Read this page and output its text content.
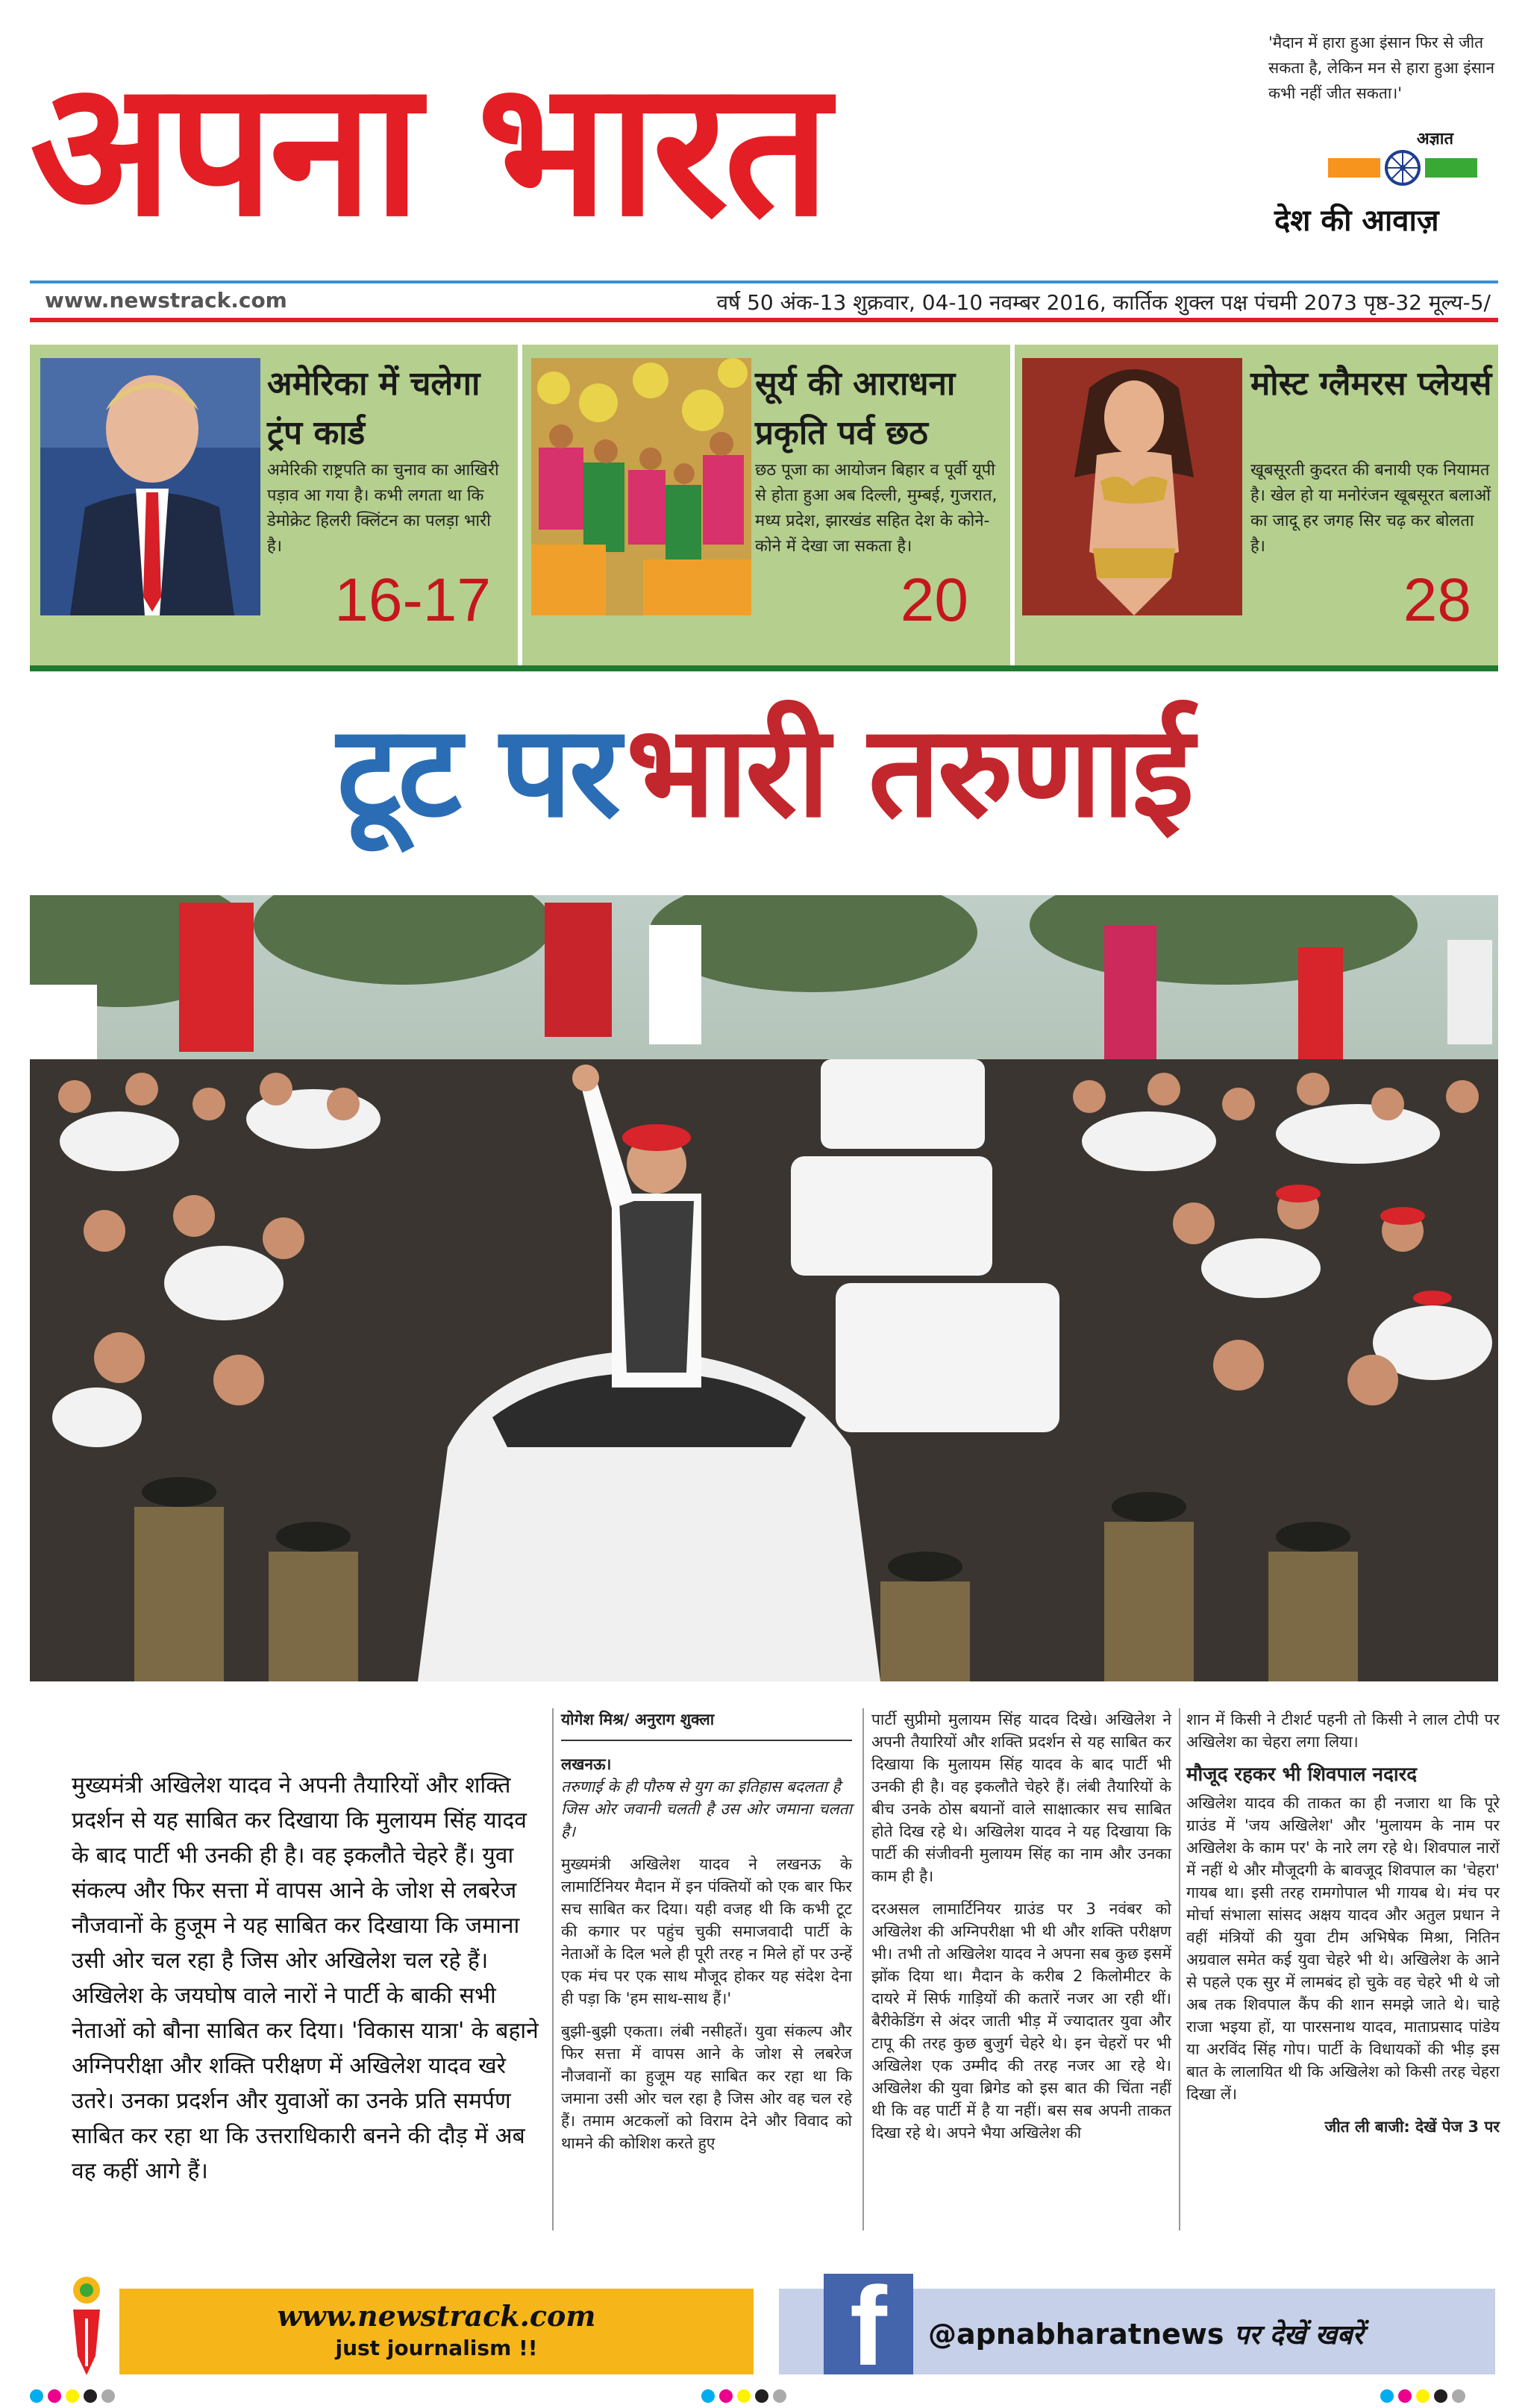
अपना भारत	'मैदान में हारा हुआ इंसान फिर से जीत सकता है, लेकिन मन से हारा हुआ इंसान कभी नहीं जीत सकता।'
अज्ञात
देश की आवाज़
www.newstrack.com	वर्ष 50 अंक-13 शुक्रवार, 04-10 नवम्बर 2016, कार्तिक शुक्ल पक्ष पंचमी 2073 पृष्ठ-32 मूल्य-5/
अमेरिका में चलेगा ट्रंप कार्ड
अमेरिकी राष्ट्रपति का चुनाव का आखिरी पड़ाव आ गया है। कभी लगता था कि डेमोक्रेट हिलरी क्लिंटन का पलड़ा भारी है।
16-17
सूर्य की आराधना प्रकृति पर्व छठ
छठ पूजा का आयोजन बिहार व पूर्वी यूपी से होता हुआ अब दिल्ली, मुम्बई, गुजरात, मध्य प्रदेश, झारखंड सहित देश के कोने-कोने में देखा जा सकता है।
20
मोस्ट ग्लैमरस प्लेयर्स
खूबसूरती कुदरत की बनायी एक नियामत है। खेल हो या मनोरंजन खूबसूरत बलाओं का जादू हर जगह सिर चढ़ कर बोलता है।
28
टूट पर भारी तरुणाई

मुख्यमंत्री अखिलेश यादव ने अपनी तैयारियों और शक्ति प्रदर्शन से यह साबित कर दिखाया कि मुलायम सिंह यादव के बाद पार्टी भी उनकी ही है। वह इकलौते चेहरे हैं। युवा संकल्प और फिर सत्ता में वापस आने के जोश से लबरेज नौजवानों के हुजूम ने यह साबित कर दिखाया कि जमाना उसी ओर चल रहा है जिस ओर अखिलेश चल रहे हैं। अखिलेश के जयघोष वाले नारों ने पार्टी के बाकी सभी नेताओं को बौना साबित कर दिया। 'विकास यात्रा' के बहाने अग्निपरीक्षा और शक्ति परीक्षण में अखिलेश यादव खरे उतरे। उनका प्रदर्शन और युवाओं का उनके प्रति समर्पण साबित कर रहा था कि उत्तराधिकारी बनने की दौड़ में अब वह कहीं आगे हैं।

योगेश मिश्र/ अनुराग शुक्ला
लखनऊ।
तरुणाई के ही पौरुष से युग का इतिहास बदलता है
जिस ओर जवानी चलती है उस ओर जमाना चलता है।

मुख्यमंत्री अखिलेश यादव ने लखनऊ के लामार्टिनियर मैदान में इन पंक्तियों को एक बार फिर सच साबित कर दिया। यही वजह थी कि कभी टूट की कगार पर पहुंच चुकी समाजवादी पार्टी के नेताओं के दिल भले ही पूरी तरह न मिले हों पर उन्हें एक मंच पर एक साथ मौजूद होकर यह संदेश देना ही पड़ा कि 'हम साथ-साथ हैं।'

बुझी-बुझी एकता। लंबी नसीहतें। युवा संकल्प और फिर सत्ता में वापस आने के जोश से लबरेज नौजवानों का हुजूम यह साबित कर रहा था कि जमाना उसी ओर चल रहा है जिस ओर वह चल रहे हैं। तमाम अटकलों को विराम देने और विवाद को थामने की कोशिश करते हुए

पार्टी सुप्रीमो मुलायम सिंह यादव दिखे। अखिलेश ने अपनी तैयारियों और शक्ति प्रदर्शन से यह साबित कर दिखाया कि मुलायम सिंह यादव के बाद पार्टी भी उनकी ही है। वह इकलौते चेहरे हैं। लंबी तैयारियों के बीच उनके ठोस बयानों वाले साक्षात्कार सच साबित होते दिख रहे थे। अखिलेश यादव ने यह दिखाया कि पार्टी की संजीवनी मुलायम सिंह का नाम और उनका काम ही है।

दरअसल लामार्टिनियर ग्राउंड पर 3 नवंबर को अखिलेश की अग्निपरीक्षा भी थी और शक्ति परीक्षण भी। तभी तो अखिलेश यादव ने अपना सब कुछ इसमें झोंक दिया था। मैदान के करीब 2 किलोमीटर के दायरे में सिर्फ गाड़ियों की कतारें नजर आ रही थीं। बैरीकेडिंग से अंदर जाती भीड़ में ज्यादातर युवा और टापू की तरह कुछ बुजुर्ग चेहरे थे। इन चेहरों पर भी अखिलेश एक उम्मीद की तरह नजर आ रहे थे। अखिलेश की युवा ब्रिगेड को इस बात की चिंता नहीं थी कि वह पार्टी में है या नहीं। बस सब अपनी ताकत दिखा रहे थे। अपने भैया अखिलेश की

शान में किसी ने टीशर्ट पहनी तो किसी ने लाल टोपी पर अखिलेश का चेहरा लगा लिया।

मौजूद रहकर भी शिवपाल नदारद

अखिलेश यादव की ताकत का ही नजारा था कि पूरे ग्राउंड में 'जय अखिलेश' और 'मुलायम के नाम पर अखिलेश के काम पर' के नारे लग रहे थे। शिवपाल नारों में नहीं थे और मौजूदगी के बावजूद शिवपाल का 'चेहरा' गायब था। इसी तरह रामगोपाल भी गायब थे। मंच पर मोर्चा संभाला सांसद अक्षय यादव और अतुल प्रधान ने वहीं मंत्रियों की युवा टीम अभिषेक मिश्रा, नितिन अग्रवाल समेत कई युवा चेहरे भी थे। अखिलेश के आने से पहले एक सुर में लामबंद हो चुके वह चेहरे भी थे जो अब तक शिवपाल कैंप की शान समझे जाते थे। चाहे राजा भइया हों, या पारसनाथ यादव, माताप्रसाद पांडेय या अरविंद सिंह गोप। पार्टी के विधायकों की भीड़ इस बात के लालायित थी कि अखिलेश को किसी तरह चेहरा दिखा लें।

जीत ली बाजी: देखें पेज 3 पर
www.newstrack.com
just journalism !!	f	@apnabharatnews पर देखें खबरें
